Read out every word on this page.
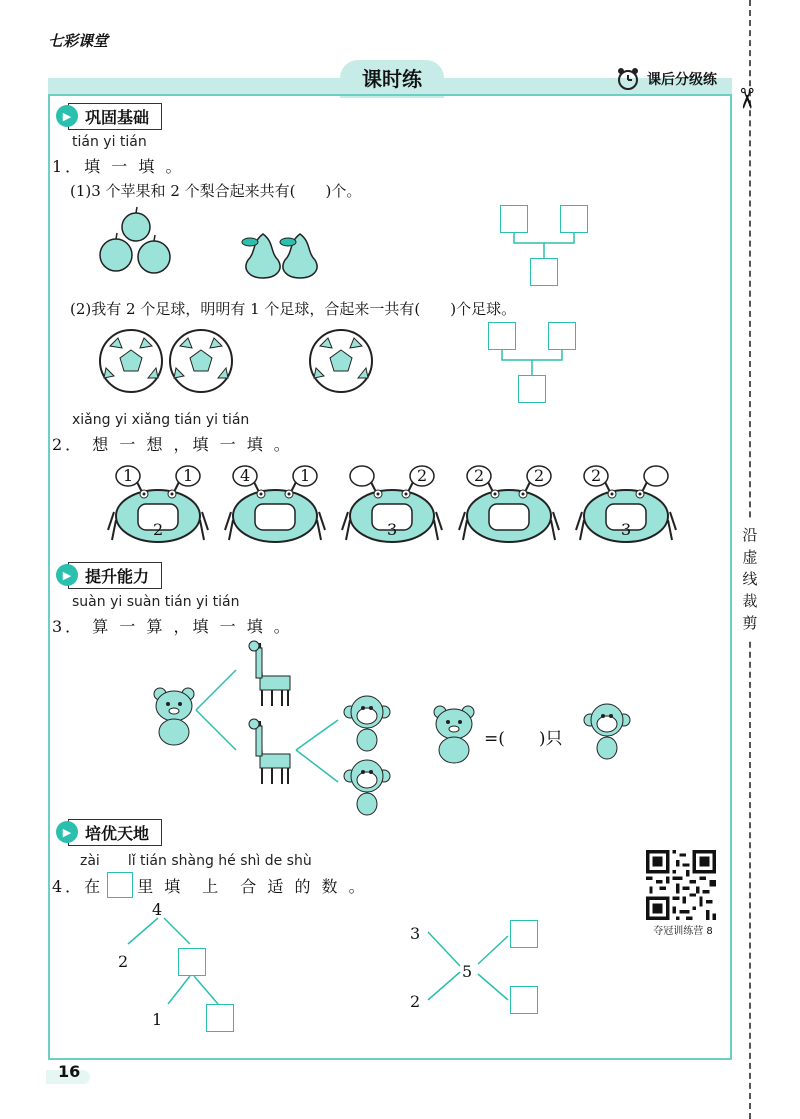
七彩课堂
课时练	课后分级练
✂
沿虚线裁剪
▶ 巩固基础
tián yi tián
1．填 一 填 。
(1)3 个苹果和 2 个梨合起来共有(　　)个。
(2)我有 2 个足球，明明有 1 个足球，合起来一共有(　　)个足球。
xiǎng yi xiǎng tián yi tián
2． 想 一 想 ，填 一 填 。
1	1
2
4	1	2
3
2	2	2
3
▶ 提升能力
suàn yi suàn tián yi tián
3． 算 一 算 ，填 一 填 。
=(　　)只
▶ 培优天地
zài　　lǐ tián shàng hé shì de shù
4．在 里 填　上　合 适 的 数 。
夺冠训练营 8
4
2
1
3
5
2
16
